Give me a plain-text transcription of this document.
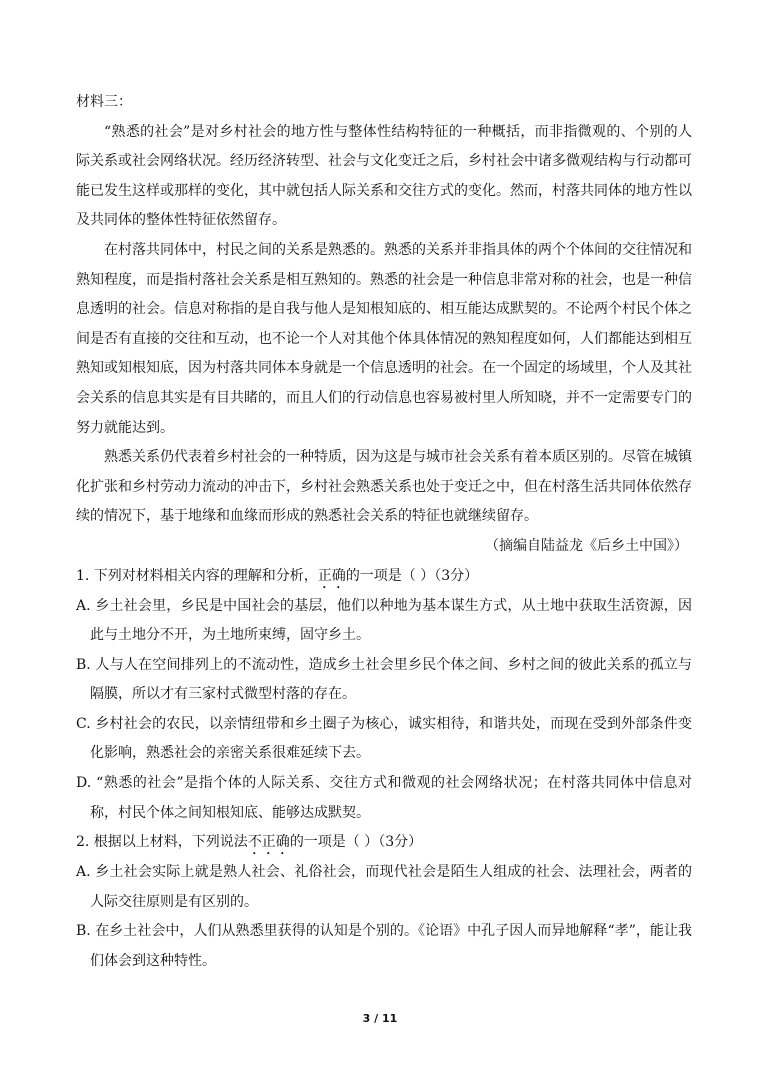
材料三：

“熟悉的社会”是对乡村社会的地方性与整体性结构特征的一种概括，而非指微观的、个别的人际关系或社会网络状况。经历经济转型、社会与文化变迁之后，乡村社会中诸多微观结构与行动都可能已发生这样或那样的变化，其中就包括人际关系和交往方式的变化。然而，村落共同体的地方性以及共同体的整体性特征依然留存。

在村落共同体中，村民之间的关系是熟悉的。熟悉的关系并非指具体的两个个体间的交往情况和熟知程度，而是指村落社会关系是相互熟知的。熟悉的社会是一种信息非常对称的社会，也是一种信息透明的社会。信息对称指的是自我与他人是知根知底的、相互能达成默契的。不论两个村民个体之间是否有直接的交往和互动，也不论一个人对其他个体具体情况的熟知程度如何，人们都能达到相互熟知或知根知底，因为村落共同体本身就是一个信息透明的社会。在一个固定的场域里，个人及其社会关系的信息其实是有目共睹的，而且人们的行动信息也容易被村里人所知晓，并不一定需要专门的努力就能达到。

熟悉关系仍代表着乡村社会的一种特质，因为这是与城市社会关系有着本质区别的。尽管在城镇化扩张和乡村劳动力流动的冲击下，乡村社会熟悉关系也处于变迁之中，但在村落生活共同体依然存续的情况下，基于地缘和血缘而形成的熟悉社会关系的特征也就继续留存。

（摘编自陆益龙《后乡土中国》）

1. 下列对材料相关内容的理解和分析，正确的一项是（ ）（3分）

A. 乡土社会里，乡民是中国社会的基层，他们以种地为基本谋生方式，从土地中获取生活资源，因此与土地分不开，为土地所束缚，固守乡土。

B. 人与人在空间排列上的不流动性，造成乡土社会里乡民个体之间、乡村之间的彼此关系的孤立与隔膜，所以才有三家村式微型村落的存在。

C. 乡村社会的农民，以亲情纽带和乡土圈子为核心，诚实相待，和谐共处，而现在受到外部条件变化影响，熟悉社会的亲密关系很难延续下去。

D. “熟悉的社会”是指个体的人际关系、交往方式和微观的社会网络状况；在村落共同体中信息对称，村民个体之间知根知底、能够达成默契。

2. 根据以上材料，下列说法不正确的一项是（ ）（3分）

A. 乡土社会实际上就是熟人社会、礼俗社会，而现代社会是陌生人组成的社会、法理社会，两者的人际交往原则是有区别的。

B. 在乡土社会中，人们从熟悉里获得的认知是个别的。《论语》中孔子因人而异地解释“孝”，能让我们体会到这种特性。

3 / 11
